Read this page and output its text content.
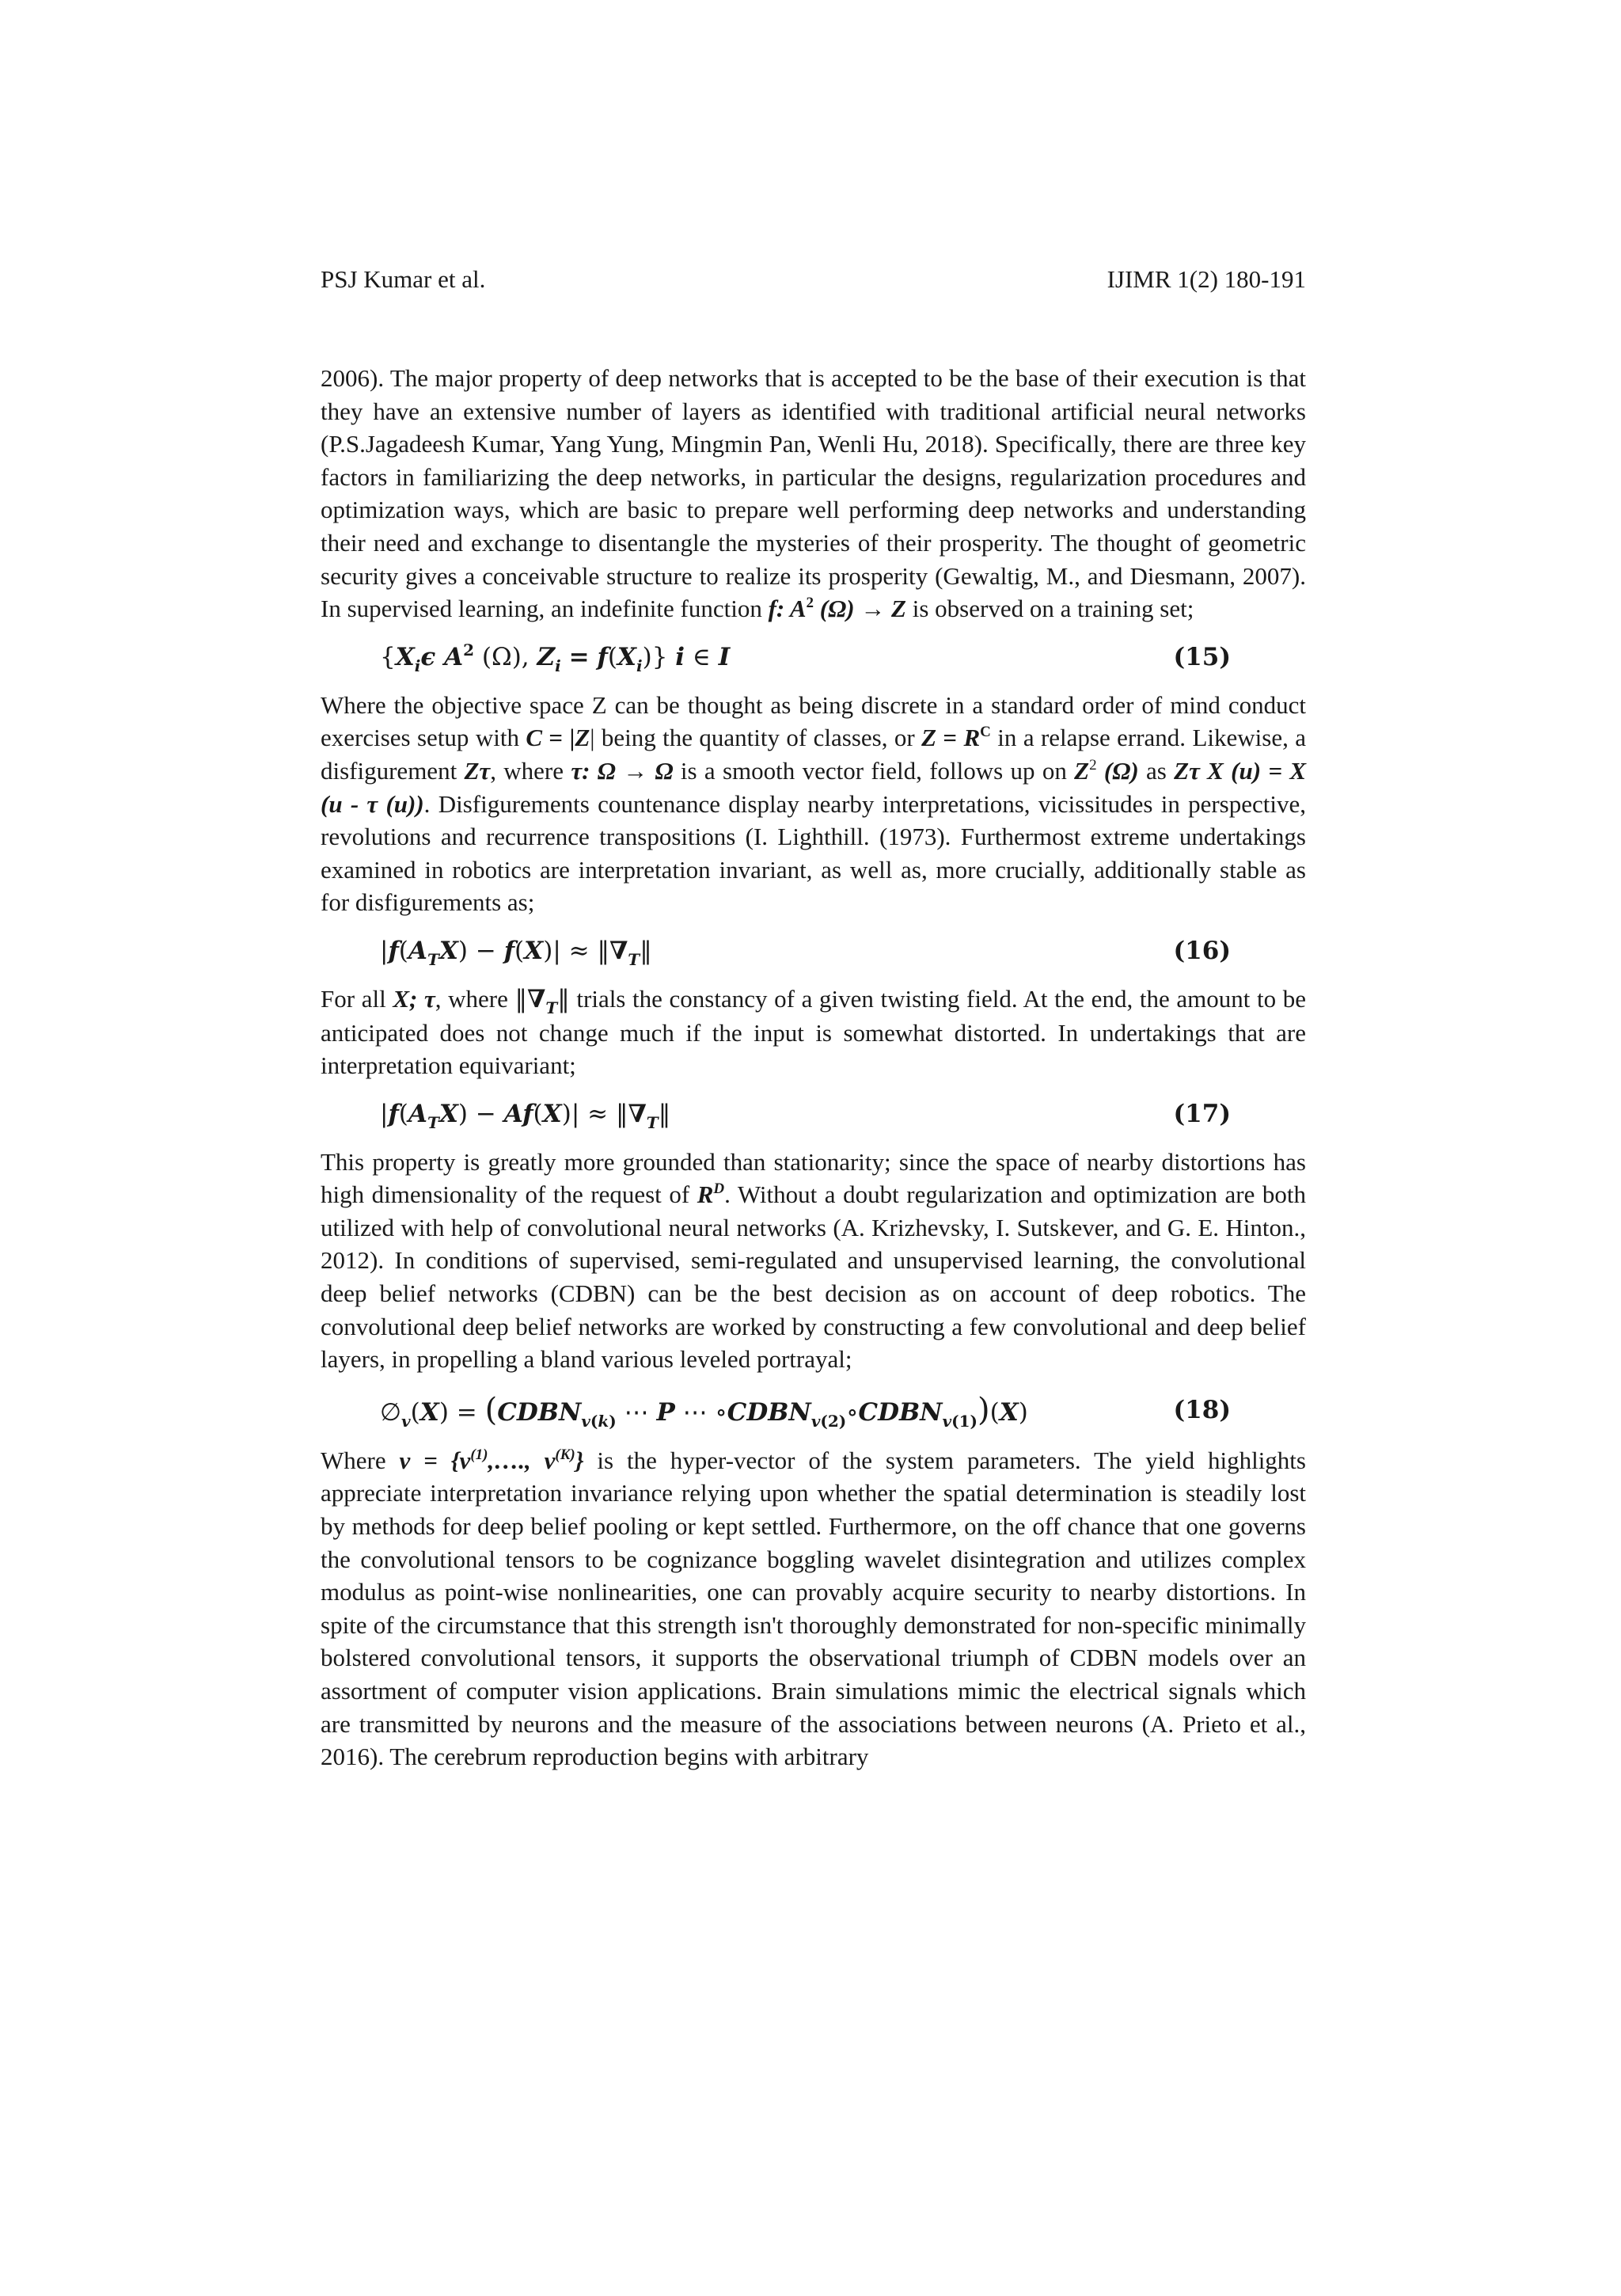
PSJ Kumar et al.	IJIMR 1(2) 180-191

2006). The major property of deep networks that is accepted to be the base of their execution is that they have an extensive number of layers as identified with traditional artificial neural networks (P.S.Jagadeesh Kumar, Yang Yung, Mingmin Pan, Wenli Hu, 2018). Specifically, there are three key factors in familiarizing the deep networks, in particular the designs, regularization procedures and optimization ways, which are basic to prepare well performing deep networks and understanding their need and exchange to disentangle the mysteries of their prosperity. The thought of geometric security gives a conceivable structure to realize its prosperity (Gewaltig, M., and Diesmann, 2007). In supervised learning, an indefinite function f: $A^2$ (Ω) → Z is observed on a training set;

{$X_i\epsilon$ $A^2$ (Ω), $Z_i = f(X_i)$} i ∈ I	(15)

Where the objective space Z can be thought as being discrete in a standard order of mind conduct exercises setup with C = |Z| being the quantity of classes, or $Z = R^C$ in a relapse errand. Likewise, a disfigurement Zτ, where τ: Ω → Ω is a smooth vector field, follows up on $Z^2$ (Ω) as Zτ X (u) = X (u - τ (u)). Disfigurements countenance display nearby interpretations, vicissitudes in perspective, revolutions and recurrence transpositions (I. Lighthill. (1973). Furthermost extreme undertakings examined in robotics are interpretation invariant, as well as, more crucially, additionally stable as for disfigurements as;

$|f(A_TX) - f(X)|$ ≈ $‖\nabla_T‖$	(16)

For all X; τ, where $‖\nabla_T‖$ trials the constancy of a given twisting field. At the end, the amount to be anticipated does not change much if the input is somewhat distorted. In undertakings that are interpretation equivariant;

$|f(A_TX) - Af(X)|$ ≈ $‖\nabla_T‖$	(17)

This property is greatly more grounded than stationarity; since the space of nearby distortions has high dimensionality of the request of $R^D$. Without a doubt regularization and optimization are both utilized with help of convolutional neural networks (A. Krizhevsky, I. Sutskever, and G. E. Hinton., 2012). In conditions of supervised, semi-regulated and unsupervised learning, the convolutional deep belief networks (CDBN) can be the best decision as on account of deep robotics. The convolutional deep belief networks are worked by constructing a few convolutional and deep belief layers, in propelling a bland various leveled portrayal;

$\emptyset_v(X)$ = ($CDBN_{v(k)}$ ⋯ P ⋯ $\circ CDBN_{v(2)}\circ CDBN_{v(1)})(X)$	(18)

Where $v = \{v^{(1)},\dots$., $v^{(K)}$} is the hyper-vector of the system parameters. The yield highlights appreciate interpretation invariance relying upon whether the spatial determination is steadily lost by methods for deep belief pooling or kept settled. Furthermore, on the off chance that one governs the convolutional tensors to be cognizance boggling wavelet disintegration and utilizes complex modulus as point-wise nonlinearities, one can provably acquire security to nearby distortions. In spite of the circumstance that this strength isn't thoroughly demonstrated for non-specific minimally bolstered convolutional tensors, it supports the observational triumph of CDBN models over an assortment of computer vision applications. Brain simulations mimic the electrical signals which are transmitted by neurons and the measure of the associations between neurons (A. Prieto et al., 2016). The cerebrum reproduction begins with arbitrary
